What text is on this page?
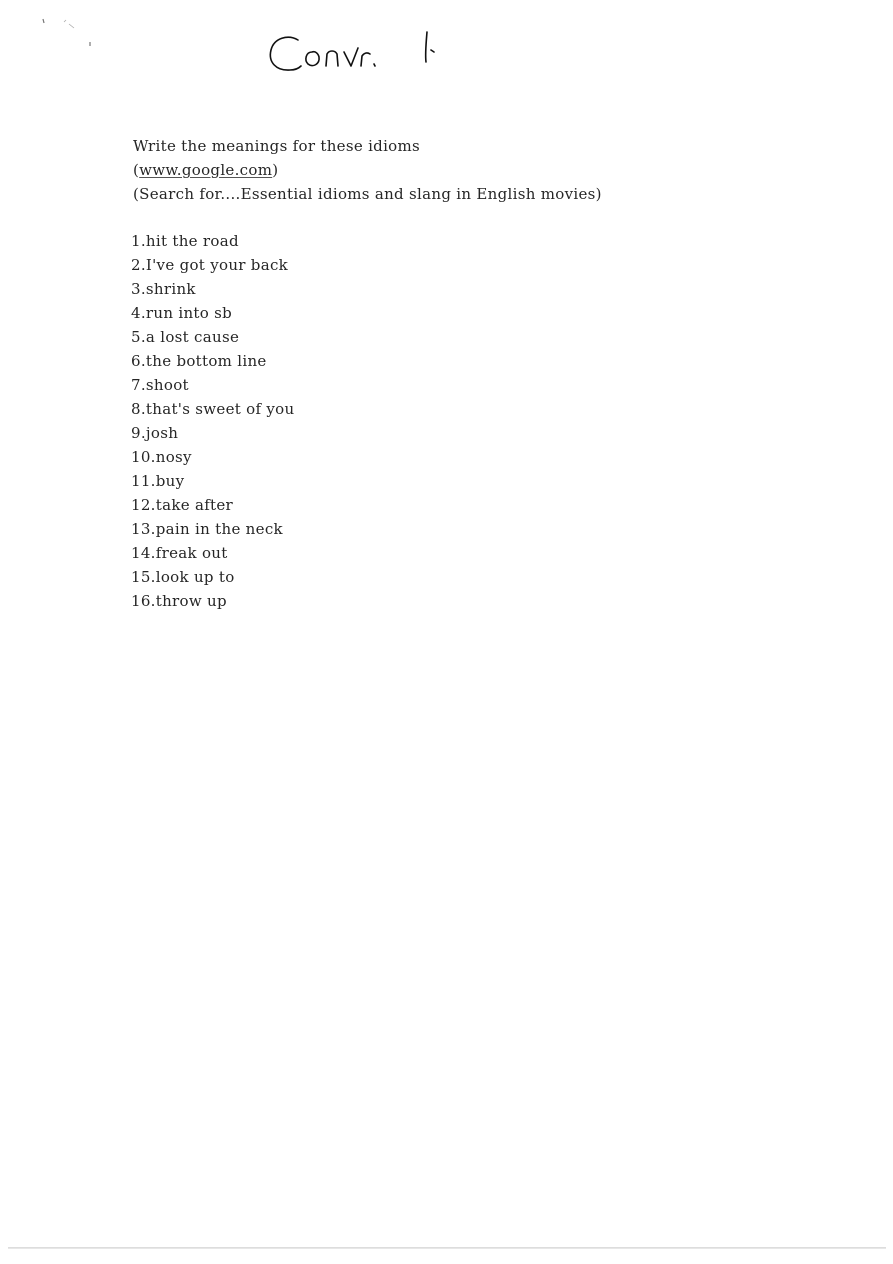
Write the meanings for these idioms
(www.google.com)
(Search for....Essential idioms and slang in English movies)
1.hit the road
2.I've got your back
3.shrink
4.run into sb
5.a lost cause
6.the bottom line
7.shoot
8.that's sweet of you
9.josh
10.nosy
11.buy
12.take after
13.pain in the neck
14.freak out
15.look up to
16.throw up
